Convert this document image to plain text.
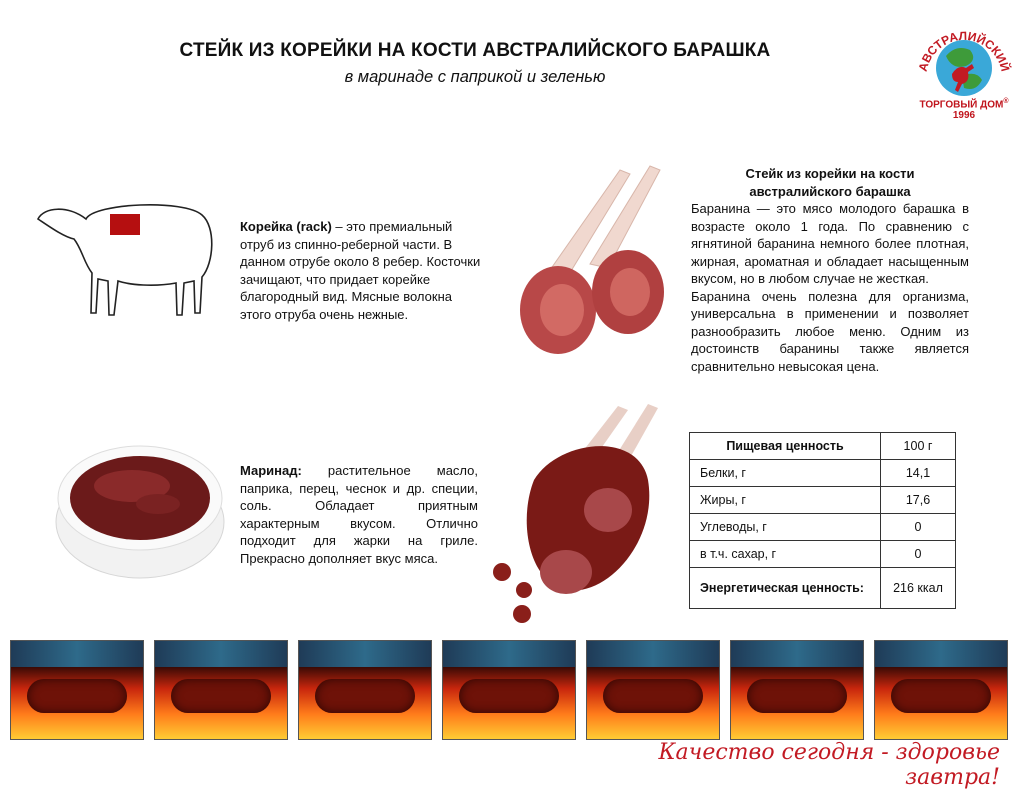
СТЕЙК ИЗ КОРЕЙКИ НА КОСТИ АВСТРАЛИЙСКОГО БАРАШКА
в маринаде с паприкой и зеленью
АВСТРАЛИЙСКИЙ
ТОРГОВЫЙ ДОМ®
1996
Корейка (rack) – это премиальный отруб из спинно-реберной части. В данном отрубе около 8 ребер. Косточки зачищают, что придает корейке благородный вид. Мясные волокна этого отруба очень нежные.
Маринад: растительное масло, паприка, перец, чеснок и др. специи, соль. Обладает приятным характерным вкусом. Отлично подходит для жарки на гриле. Прекрасно дополняет вкус мяса.
Стейк из корейки на кости
австралийского барашка
Баранина — это мясо молодого барашка в возрасте около 1 года. По сравнению с ягнятиной баранина немного более плотная, жирная, ароматная и обладает насыщенным вкусом, но в любом случае не жесткая.
Баранина очень полезна для организма, универсальна в применении и позволяет разнообразить любое меню. Одним из достоинств баранины также является сравнительно невысокая цена.
Пищевая ценность	100 г
Белки, г	14,1
Жиры, г	17,6
Углеводы, г	0
в т.ч. сахар, г	0
Энергетическая ценность:	216 ккал
Качество сегодня - здоровье завтра!
